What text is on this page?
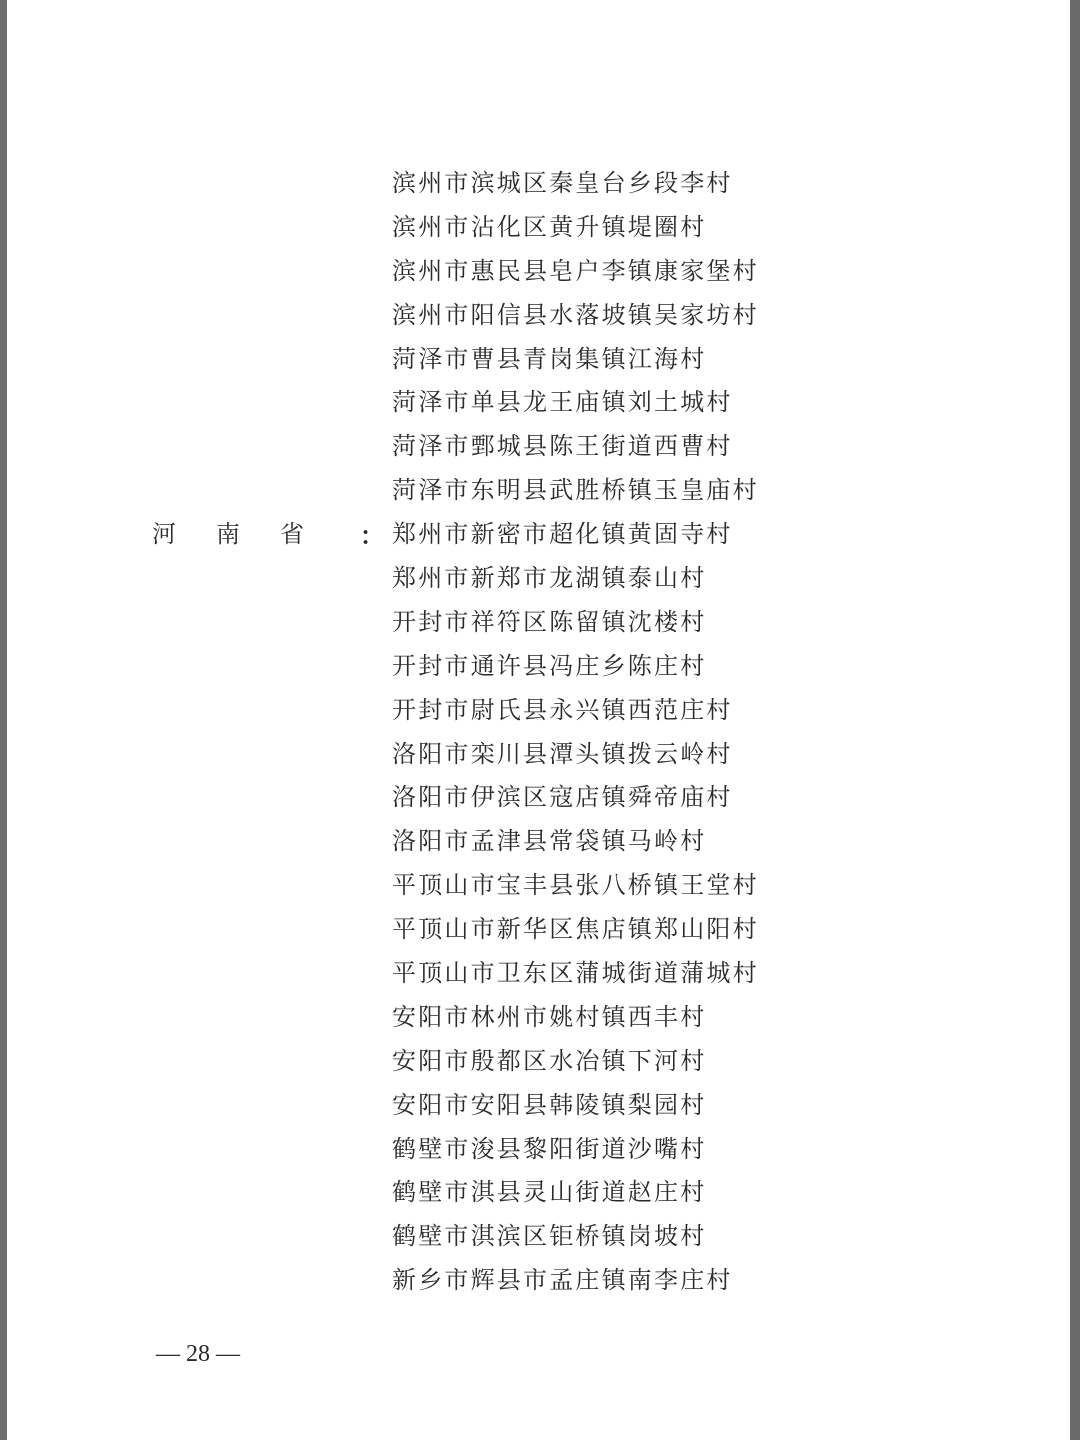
河南省 ：
滨州市滨城区秦皇台乡段李村
滨州市沾化区黄升镇堤圈村
滨州市惠民县皂户李镇康家堡村
滨州市阳信县水落坡镇吴家坊村
菏泽市曹县青岗集镇江海村
菏泽市单县龙王庙镇刘土城村
菏泽市鄄城县陈王街道西曹村
菏泽市东明县武胜桥镇玉皇庙村
郑州市新密市超化镇黄固寺村
郑州市新郑市龙湖镇泰山村
开封市祥符区陈留镇沈楼村
开封市通许县冯庄乡陈庄村
开封市尉氏县永兴镇西范庄村
洛阳市栾川县潭头镇拨云岭村
洛阳市伊滨区寇店镇舜帝庙村
洛阳市孟津县常袋镇马岭村
平顶山市宝丰县张八桥镇王堂村
平顶山市新华区焦店镇郑山阳村
平顶山市卫东区蒲城街道蒲城村
安阳市林州市姚村镇西丰村
安阳市殷都区水冶镇下河村
安阳市安阳县韩陵镇梨园村
鹤壁市浚县黎阳街道沙嘴村
鹤壁市淇县灵山街道赵庄村
鹤壁市淇滨区钜桥镇岗坡村
新乡市辉县市孟庄镇南李庄村
— 28 —
